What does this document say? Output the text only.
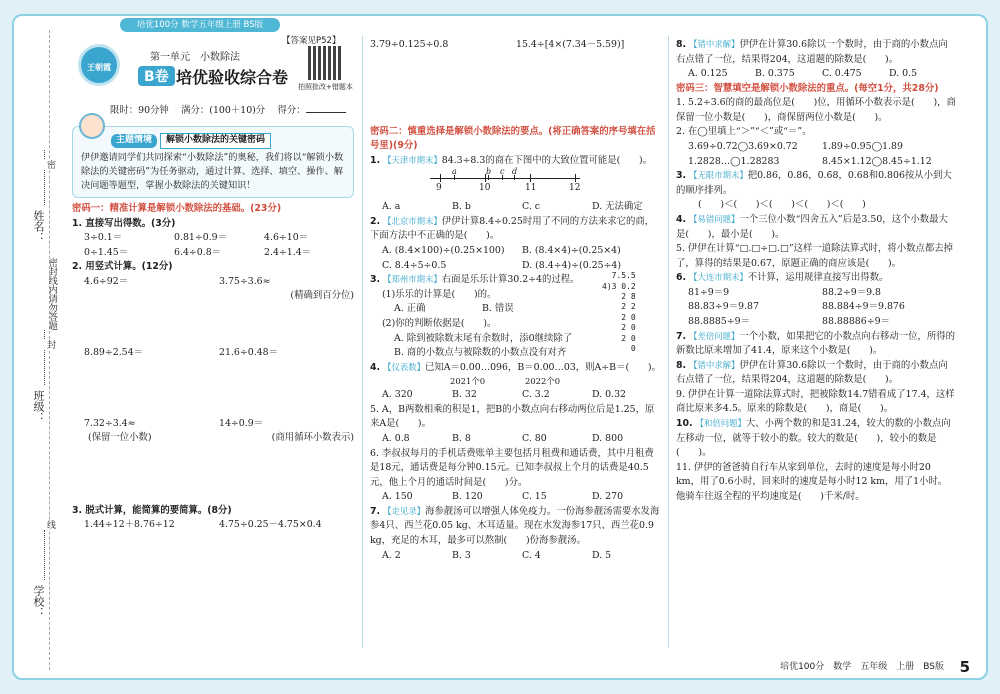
培优100分 数学五年级上册 BS版
姓名：
班级：
学校：
密封线内请勿答题
密
封
线
王朝霞
第一单元　小数除法
B卷 培优验收综合卷
【答案见P52】
拍照批改+错题本
限时：90分钟　 满分：(100＋10)分　 得分：
主题情境 解锁小数除法的关键密码
伊伊邀请同学们共同探索“小数除法”的奥秘，我们将以“解锁小数除法的关键密码”为任务驱动，通过计算、选择、填空、操作、解决问题等题型，掌握小数除法的关键知识！
密码一：精准计算是解锁小数除法的基础。(23分)
1. 直接写出得数。(3分)
3÷0.1＝	0.81÷0.9＝	4.6÷10＝
0÷1.45＝	6.4÷0.8＝	2.4÷1.4＝
2. 用竖式计算。(12分)
4.6÷92＝	3.75÷3.6≈
(精确到百分位)
8.89÷2.54＝	21.6÷0.48＝
7.32÷3.4≈	14÷0.9＝
(保留一位小数)	(商用循环小数表示)
3. 脱式计算，能简算的要简算。(8分)
1.44÷12＋8.76÷12	4.75÷0.25－4.75×0.4
3.79÷0.125÷0.8	15.4÷[4×(7.34－5.59)]
密码二：慎重选择是解锁小数除法的要点。(将正确答案的序号填在括号里)(9分)
1. 【天津市期末】84.3÷8.3的商在下图中的大致位置可能是(　　)。
9	10	11	12
a	b c d
A. a	B. b	C. c	D. 无法确定
2. 【北京市期末】伊伊计算8.4÷0.25时用了不同的方法来求它的商，下面方法中不正确的是(　　)。
A. (8.4×100)÷(0.25×100)	B. (8.4×4)÷(0.25×4)
C. 8.4÷5÷0.5	D. (8.4÷4)÷(0.25÷4)
3. 【郑州市期末】右面是乐乐计算30.2÷4的过程。
(1)乐乐的计算是(　　)的。
A. 正确	B. 错误
(2)你的判断依据是(　　)。
A. 除到被除数末尾有余数时，添0继续除了
B. 商的小数点与被除数的小数点没有对齐
7.5.5
4)3 0.2
2 8
2 2
2 0
2 0
2 0
0
4. 【仪表数】已知A＝0.00…096，B＝0.00…03，则A÷B＝(　　)。
2021个0	2022个0
A. 320	B. 32	C. 3.2	D. 0.32
5. A，B两数相乘的积是1，把B的小数点向右移动两位后是1.25，原来A是(　　)。
A. 0.8	B. 8	C. 80	D. 800
6. 李叔叔每月的手机话费账单主要包括月租费和通话费，其中月租费是18元，通话费是每分钟0.15元。已知李叔叔上个月的话费是40.5元，他上个月的通话时间是(　　)分。
A. 150	B. 120	C. 15	D. 270
7. 【走见录】海参靓汤可以增强人体免疫力。一份海参靓汤需要水发海参4只、西兰花0.05 kg、木耳适量。现在水发海参17只、西兰花0.9 kg，充足的木耳，最多可以熬制(　　)份海参靓汤。
A. 2	B. 3	C. 4	D. 5
8. 【错中求解】伊伊在计算30.6除以一个数时，由于商的小数点向右点错了一位，结果得204，这道题的除数是(　　)。
A. 0.125	B. 0.375	C. 0.475	D. 0.5
密码三：智慧填空是解锁小数除法的重点。(每空1分，共28分)
1. 5.2÷3.6的商的最高位是(　　)位，用循环小数表示是(　　)，商保留一位小数是(　　)，商保留两位小数是(　　)。
2. 在◯里填上“＞”“＜”或“＝”。
3.69÷0.72◯3.69×0.72	1.89÷0.95◯1.89
1.2828…◯1.28283	8.45×1.12◯8.45÷1.12
3. 【无限市期末】把0.86，0.86̇，0.6̇8，0.68和0.806按从小到大的顺序排列。
(　　)＜(　　)＜(　　)＜(　　)＜(　　)
4. 【易错问题】一个三位小数“四舍五入”后是3.50，这个小数最大是(　　)，最小是(　　)。
5. 伊伊在计算“□.□÷□.□”这样一道除法算式时，将小数点都去掉了，算得的结果是0.67，原题正确的商应该是(　　)。
6. 【大连市期末】不计算，运用规律直接写出得数。
81÷9＝9	88.2÷9＝9.8
88.83÷9＝9.87	88.884÷9＝9.876
88.8885÷9＝	88.88886÷9＝
7. 【差倍问题】一个小数，如果把它的小数点向右移动一位，所得的新数比原来增加了41.4，原来这个小数是(　　)。
8. 【错中求解】伊伊在计算30.6除以一个数时，由于商的小数点向右点错了一位，结果得204，这道题的除数是(　　)。
9. 伊伊在计算一道除法算式时，把被除数14.7错看成了17.4，这样商比原来多4.5。原来的除数是(　　)，商是(　　)。
10. 【和倍问题】大、小两个数的和是31.24，较大的数的小数点向左移动一位，就等于较小的数。较大的数是(　　)，较小的数是(　　)。
11. 伊伊的爸爸骑自行车从家到单位，去时的速度是每小时20 km，用了0.6小时，回来时的速度是每小时12 km，用了1小时。他骑车往返全程的平均速度是(　　)千米/时。
培优100分　数学　五年级　上册　BS版 5
